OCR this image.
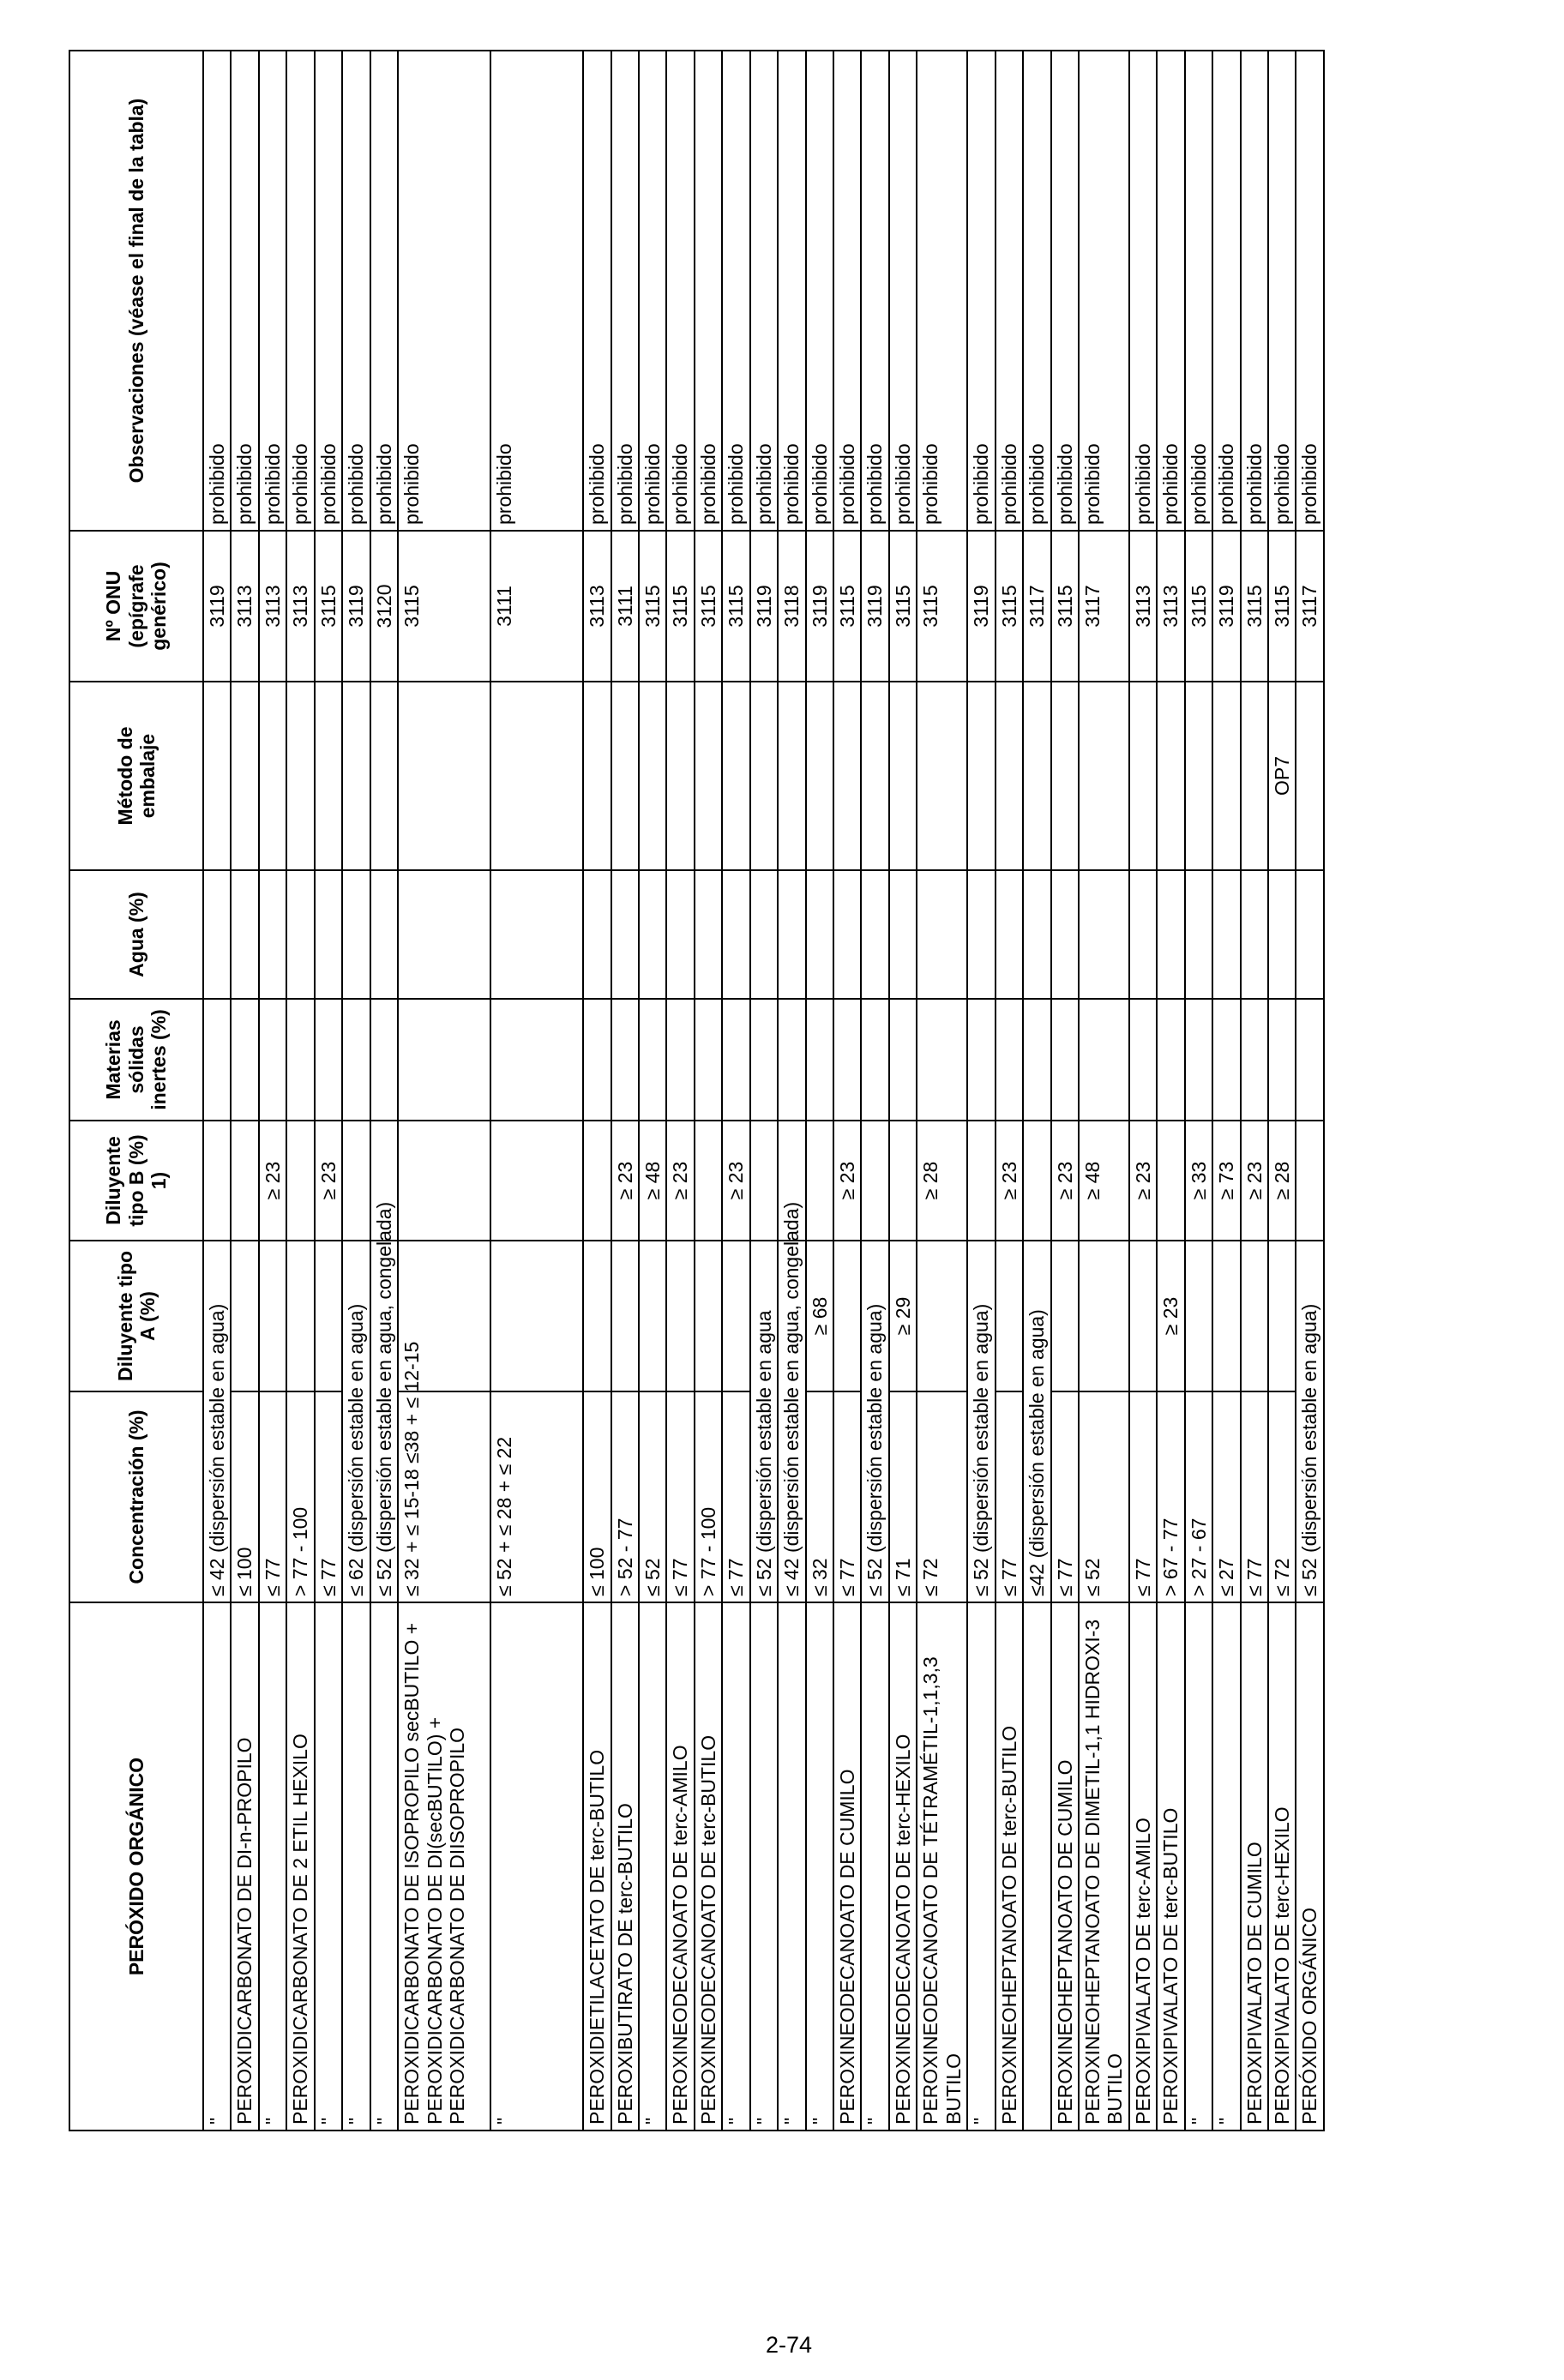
PERÓXIDO ORGÁNICO	Concentración (%)	Diluyente tipo A (%)	Diluyente tipo B (%) 1)	Materias sólidas inertes (%)	Agua (%)	Método de embalaje	Nº ONU (epígrafe genérico)	Observaciones (véase el final de la tabla)
"	≤ 42 (dispersión estable en agua)						3119	prohibido
PEROXIDICARBONATO DE DI-n-PROPILO	≤ 100						3113	prohibido
"	≤ 77		≥ 23				3113	prohibido
PEROXIDICARBONATO DE 2 ETIL HEXILO	> 77 - 100						3113	prohibido
"	≤ 77		≥ 23				3115	prohibido
"	≤ 62 (dispersión estable en agua)						3119	prohibido
"	≤ 52 (dispersión estable en agua, congelada)						3120	prohibido
PEROXIDICARBONATO DE ISOPROPILO secBUTILO + PEROXIDICARBONATO DE DI(secBUTILO) + PEROXIDICARBONATO DE DIISOPROPILO	≤ 32 + ≤ 15-18 ≤38 + ≤ 12-15						3115	prohibido
"	≤ 52 + ≤ 28 + ≤ 22						3111	prohibido
PEROXIDIETILACETATO DE terc-BUTILO	≤ 100						3113	prohibido
PEROXIBUTIRATO DE terc-BUTILO	> 52 - 77		≥ 23				3111	prohibido
"	≤ 52		≥ 48				3115	prohibido
PEROXINEODECANOATO DE terc-AMILO	≤ 77		≥ 23				3115	prohibido
PEROXINEODECANOATO DE terc-BUTILO	> 77 - 100						3115	prohibido
"	≤ 77		≥ 23				3115	prohibido
"	≤ 52 (dispersión estable en agua						3119	prohibido
"	≤ 42 (dispersión estable en agua, congelada)						3118	prohibido
"	≤ 32	≥ 68					3119	prohibido
PEROXINEODECANOATO DE CUMILO	≤ 77		≥ 23				3115	prohibido
"	≤ 52 (dispersión estable en agua)						3119	prohibido
PEROXINEODECANOATO DE terc-HEXILO	≤ 71	≥ 29					3115	prohibido
PEROXINEODECANOATO DE TÉTRAMÉTIL-1,1,3,3 BUTILO	≤ 72		≥ 28				3115	prohibido
"	≤ 52 (dispersión estable en agua)						3119	prohibido
PEROXINEOHEPTANOATO DE terc-BUTILO	≤ 77		≥ 23				3115	prohibido
	≤42 (dispersión estable en agua)						3117	prohibido
PEROXINEOHEPTANOATO DE CUMILO	≤ 77		≥ 23				3115	prohibido
PEROXINEOHEPTANOATO DE DIMETIL-1,1 HIDROXI-3 BUTILO	≤ 52		≥ 48				3117	prohibido
PEROXIPIVALATO DE terc-AMILO	≤ 77		≥ 23				3113	prohibido
PEROXIPIVALATO DE terc-BUTILO	> 67 - 77	≥ 23					3113	prohibido
"	> 27 - 67		≥ 33				3115	prohibido
"	≤ 27		≥ 73				3119	prohibido
PEROXIPIVALATO DE CUMILO	≤ 77		≥ 23				3115	prohibido
PEROXIPIVALATO DE terc-HEXILO	≤ 72		≥ 28			OP7	3115	prohibido
PERÓXIDO ORGÁNICO	≤ 52 (dispersión estable en agua)						3117	prohibido
2-74
